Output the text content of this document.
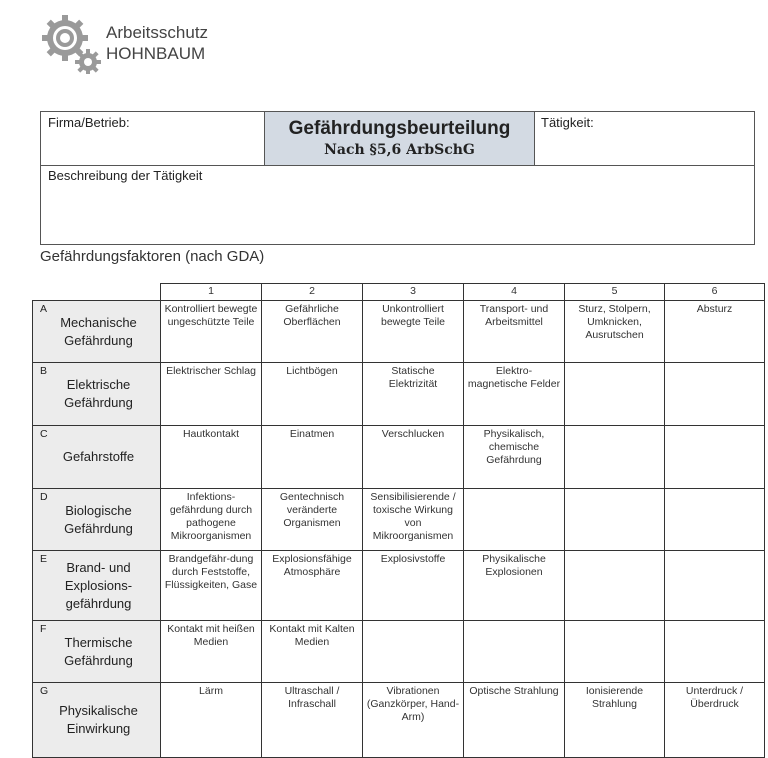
Arbeitsschutz
HOHNBAUM
Firma/Betrieb:	Gefährdungsbeurteilung
Nach §5,6 ArbSchG
Tätigkeit:
Beschreibung der Tätigkeit
Gefährdungsfaktoren (nach GDA)
	1	2	3	4	5	6

A
Mechanische Gefährdung	Kontrolliert bewegte ungeschützte Teile	Gefährliche Oberflächen	Unkontrolliert bewegte Teile	Transport- und Arbeitsmittel	Sturz, Stolpern, Umknicken, Ausrutschen	Absturz

B
Elektrische Gefährdung	Elektrischer Schlag	Lichtbögen	Statische Elektrizität	Elektro-magnetische Felder		

C
Gefahrstoffe	Hautkontakt	Einatmen	Verschlucken	Physikalisch, chemische Gefährdung		

D
Biologische Gefährdung	Infektions-gefährdung durch pathogene Mikroorganismen	Gentechnisch veränderte Organismen	Sensibilisierende / toxische Wirkung von Mikroorganismen			

E
Brand- und Explosions-gefährdung	Brandgefähr-dung durch Feststoffe, Flüssigkeiten, Gase	Explosionsfähige Atmosphäre	Explosivstoffe	Physikalische Explosionen		

F
Thermische Gefährdung	Kontakt mit heißen Medien	Kontakt mit Kalten Medien				

G
Physikalische Einwirkung	Lärm	Ultraschall / Infraschall	Vibrationen (Ganzkörper, Hand-Arm)	Optische Strahlung	Ionisierende Strahlung	Unterdruck / Überdruck
